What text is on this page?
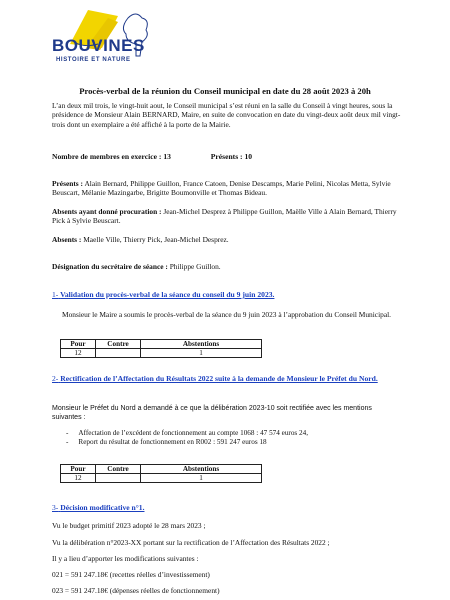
BOUVINES
HISTOIRE ET NATURE
Procès-verbal de la réunion du Conseil municipal en date du 28 août 2023 à 20h
L’an deux mil trois, le vingt-huit aout, le Conseil municipal s’est réuni en la salle du Conseil à vingt heures, sous la présidence de Monsieur Alain BERNARD, Maire, en suite de convocation en date du vingt-deux août deux mil vingt-trois dont un exemplaire a été affiché à la porte de la Mairie.
Nombre de membres en exercice : 13	Présents : 10
Présents : Alain Bernard, Philippe Guillon, France Catoen, Denise Descamps, Marie Pelini, Nicolas Metta, Sylvie Beuscart, Mélanie Mazingarbe, Brigitte Boumonville et Thomas Bideau.
Absents ayant donné procuration : Jean-Michel Desprez à Philippe Guillon, Maëlle Ville à Alain Bernard, Thierry Pick à Sylvie Beuscart.
Absents : Maelle Ville, Thierry Pick, Jean-Michel Desprez.
Désignation du secrétaire de séance : Philippe Guillon.
1- Validation du procès-verbal de la séance du conseil du 9 juin 2023.
Monsieur le Maire a soumis le procès-verbal de la séance du 9 juin 2023 à l’approbation du Conseil Municipal.
Pour	Contre	Abstentions
12		1
2- Rectification de l’Affectation du Résultats 2022 suite à la demande de Monsieur le Préfet du Nord.
Monsieur le Préfet du Nord a demandé à ce que la délibération 2023-10 soit rectifiée avec les mentions suivantes :
- Affectation de l’excédent de fonctionnement au compte 1068 : 47 574 euros 24,
- Report du résultat de fonctionnement en R002 : 591 247 euros 18
Pour	Contre	Abstentions
12		1
3- Décision modificative n°1.
Vu le budget primitif 2023 adopté le 28 mars 2023 ;
Vu la délibération n°2023-XX portant sur la rectification de l’Affectation des Résultats 2022 ;
Il y a lieu d’apporter les modifications suivantes :
021 = 591 247.18€ (recettes réelles d’investissement)
023 = 591 247.18€ (dépenses réelles de fonctionnement)
